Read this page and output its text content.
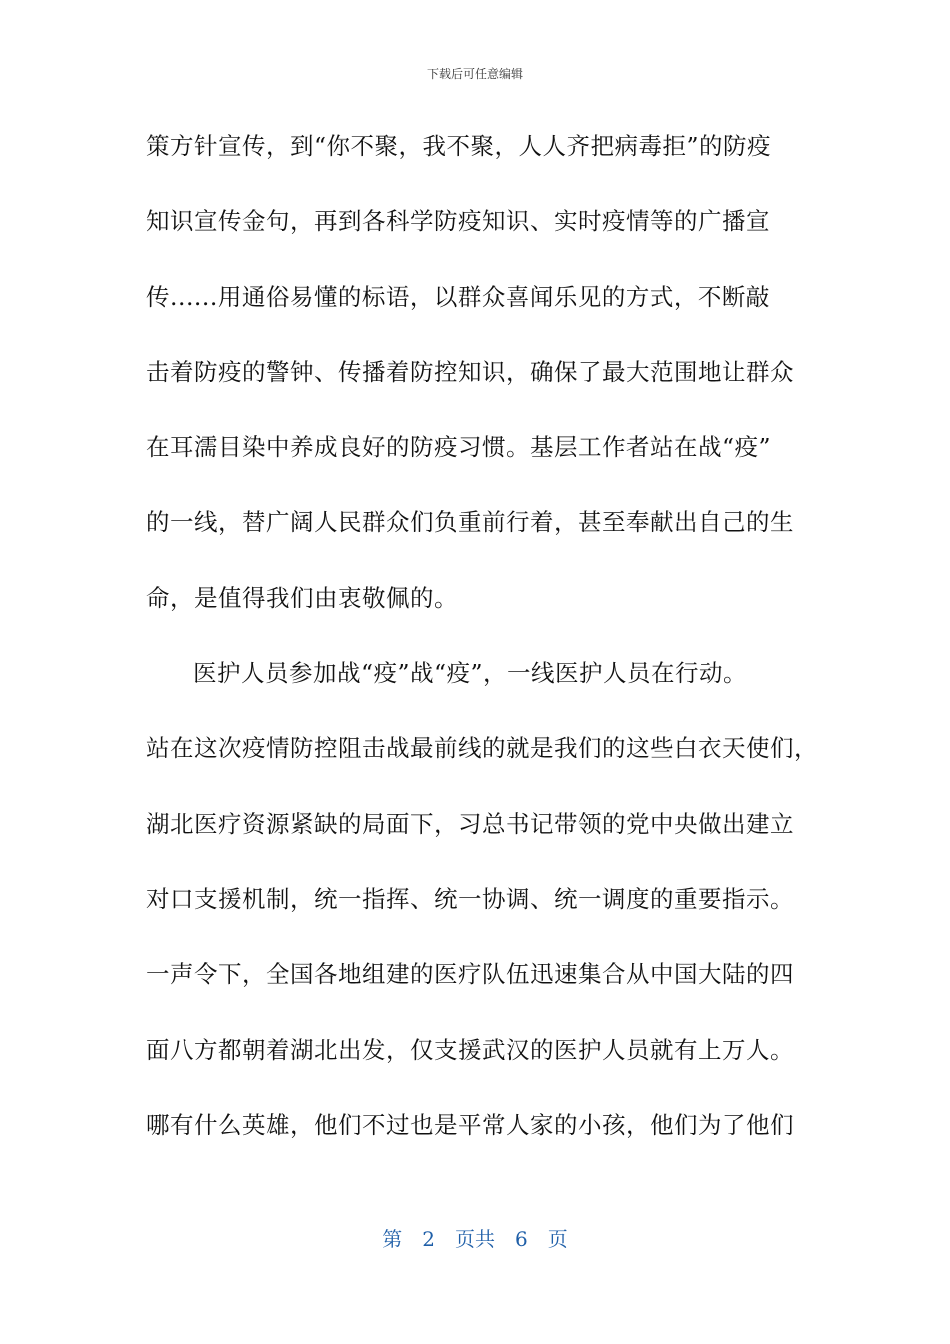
下载后可任意编辑
策方针宣传，到“你不聚，我不聚，人人齐把病毒拒”的防疫
知识宣传金句，再到各科学防疫知识、实时疫情等的广播宣
传......用通俗易懂的标语，以群众喜闻乐见的方式，不断敲
击着防疫的警钟、传播着防控知识，确保了最大范围地让群众
在耳濡目染中养成良好的防疫习惯。基层工作者站在战“疫”
的一线，替广阔人民群众们负重前行着，甚至奉献出自己的生
命，是值得我们由衷敬佩的。
医护人员参加战“疫”战“疫”，一线医护人员在行动。
站在这次疫情防控阻击战最前线的就是我们的这些白衣天使们，
湖北医疗资源紧缺的局面下，习总书记带领的党中央做出建立
对口支援机制，统一指挥、统一协调、统一调度的重要指示。
一声令下，全国各地组建的医疗队伍迅速集合从中国大陆的四
面八方都朝着湖北出发，仅支援武汉的医护人员就有上万人。
哪有什么英雄，他们不过也是平常人家的小孩，他们为了他们
第 2 页共 6 页
